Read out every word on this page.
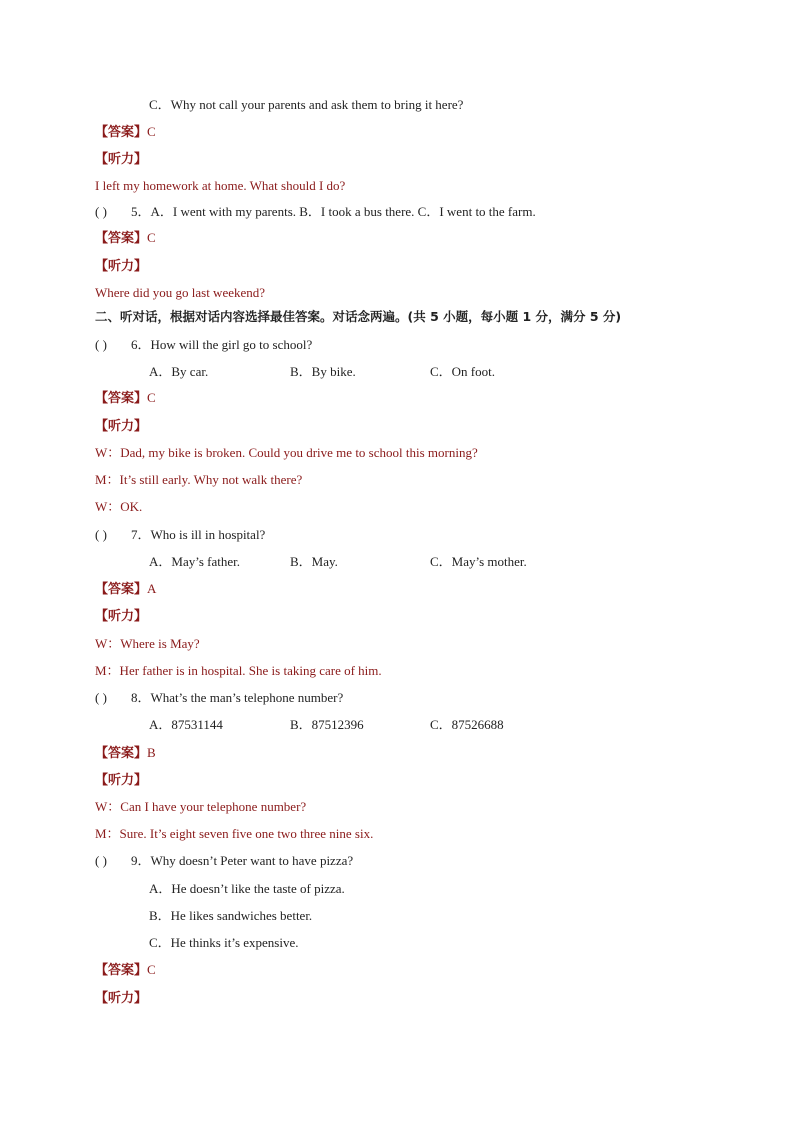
C．Why not call your parents and ask them to bring it here?
【答案】C
【听力】
I left my homework at home. What should I do?
( ) 5．A．I went with my parents. B．I took a bus there. C．I went to the farm.
【答案】C
【听力】
Where did you go last weekend?
二、听对话，根据对话内容选择最佳答案。对话念两遍。(共 5 小题，每小题 1 分，满分 5 分)
( ) 6．How will the girl go to school?
A．By car.	B．By bike.	C．On foot.
【答案】C
【听力】
W：Dad, my bike is broken. Could you drive me to school this morning?
M：It’s still early. Why not walk there?
W：OK.
( ) 7．Who is ill in hospital?
A．May’s father.	B．May.	C．May’s mother.
【答案】A
【听力】
W：Where is May?
M：Her father is in hospital. She is taking care of him.
( ) 8．What’s the man’s telephone number?
A．87531144	B．87512396	C．87526688
【答案】B
【听力】
W：Can I have your telephone number?
M：Sure. It’s eight seven five one two three nine six.
( ) 9．Why doesn’t Peter want to have pizza?
A．He doesn’t like the taste of pizza.
B．He likes sandwiches better.
C．He thinks it’s expensive.
【答案】C
【听力】
